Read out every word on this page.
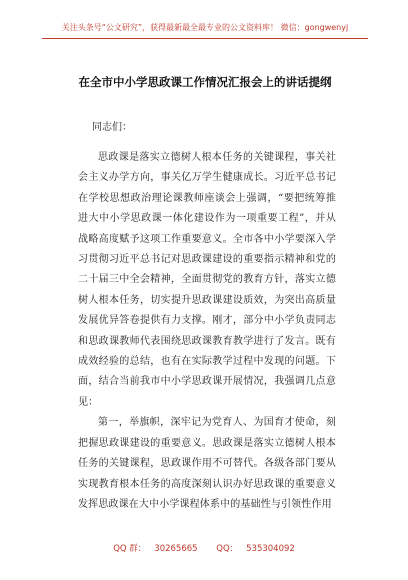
关注头条号“公文研究”，获得最新最全最专业的公文资料库！ 微信：gongwenyj
在全市中小学思政课工作情况汇报会上的讲话提纲
同志们：

思政课是落实立德树人根本任务的关键课程，事关社会主义办学方向，事关亿万学生健康成长。习近平总书记在学校思想政治理论课教师座谈会上强调，“要把统筹推进大中小学思政课一体化建设作为一项重要工程”，并从战略高度赋予这项工作重要意义。全市各中小学要深入学习贯彻习近平总书记对思政课建设的重要指示精神和党的二十届三中全会精神，全面贯彻党的教育方针，落实立德树人根本任务，切实提升思政课建设质效，为突出高质量发展优异答卷提供有力支撑。刚才，部分中小学负责同志和思政课教师代表围绕思政课教育教学进行了发言。既有成效经验的总结，也有在实际教学过程中发现的问题。下面，结合当前我市中小学思政课开展情况，我强调几点意见：

第一，举旗帜，深牢记为党育人、为国育才使命，刻把握思政课建设的重要意义。思政课是落实立德树人根本任务的关键课程，思政课作用不可替代。各级各部门要从实现教育根本任务的高度深刻认识办好思政课的重要意义发挥思政课在大中小学课程体系中的基础性与引领性作用

QQ 群： 30265665 QQ： 535304092
